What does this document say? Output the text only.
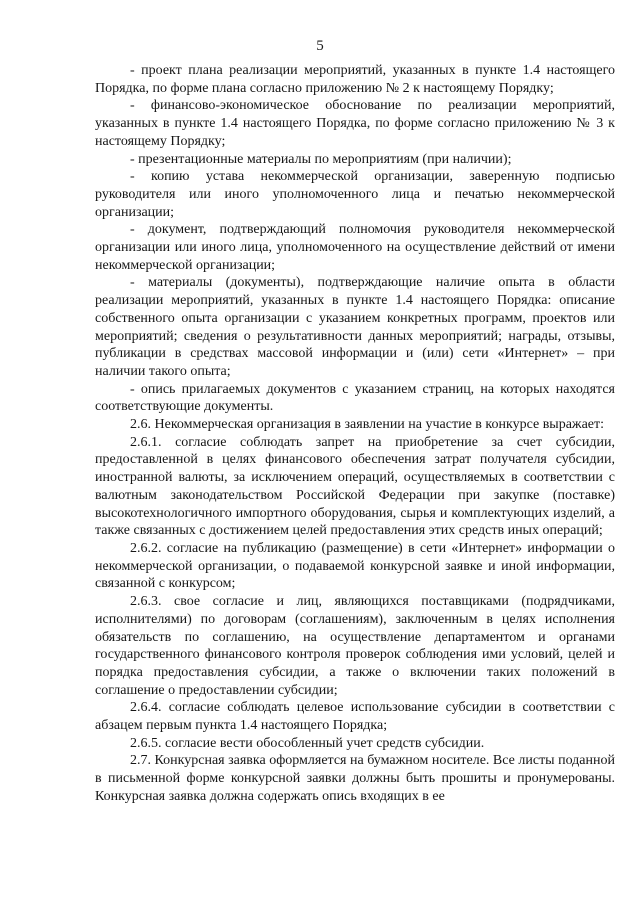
5

- проект плана реализации мероприятий, указанных в пункте 1.4 настоящего Порядка, по форме плана согласно приложению № 2 к настоящему Порядку;

- финансово-экономическое обоснование по реализации мероприятий, указанных в пункте 1.4 настоящего Порядка, по форме согласно приложению № 3 к настоящему Порядку;

- презентационные материалы по мероприятиям (при наличии);

- копию устава некоммерческой организации, заверенную подписью руководителя или иного уполномоченного лица и печатью некоммерческой организации;

- документ, подтверждающий полномочия руководителя некоммерческой организации или иного лица, уполномоченного на осуществление действий от имени некоммерческой организации;

- материалы (документы), подтверждающие наличие опыта в области реализации мероприятий, указанных в пункте 1.4 настоящего Порядка: описание собственного опыта организации с указанием конкретных программ, проектов или мероприятий; сведения о результативности данных мероприятий; награды, отзывы, публикации в средствах массовой информации и (или) сети «Интернет» – при наличии такого опыта;

- опись прилагаемых документов с указанием страниц, на которых находятся соответствующие документы.

2.6. Некоммерческая организация в заявлении на участие в конкурсе выражает:

2.6.1. согласие соблюдать запрет на приобретение за счет субсидии, предоставленной в целях финансового обеспечения затрат получателя субсидии, иностранной валюты, за исключением операций, осуществляемых в соответствии с валютным законодательством Российской Федерации при закупке (поставке) высокотехнологичного импортного оборудования, сырья и комплектующих изделий, а также связанных с достижением целей предоставления этих средств иных операций;

2.6.2. согласие на публикацию (размещение) в сети «Интернет» информации о некоммерческой организации, о подаваемой конкурсной заявке и иной информации, связанной с конкурсом;

2.6.3. свое согласие и лиц, являющихся поставщиками (подрядчиками, исполнителями) по договорам (соглашениям), заключенным в целях исполнения обязательств по соглашению, на осуществление департаментом и органами государственного финансового контроля проверок соблюдения ими условий, целей и порядка предоставления субсидии, а также о включении таких положений в соглашение о предоставлении субсидии;

2.6.4. согласие соблюдать целевое использование субсидии в соответствии с абзацем первым пункта 1.4 настоящего Порядка;

2.6.5. согласие вести обособленный учет средств субсидии.

2.7. Конкурсная заявка оформляется на бумажном носителе. Все листы поданной в письменной форме конкурсной заявки должны быть прошиты и пронумерованы. Конкурсная заявка должна содержать опись входящих в ее
